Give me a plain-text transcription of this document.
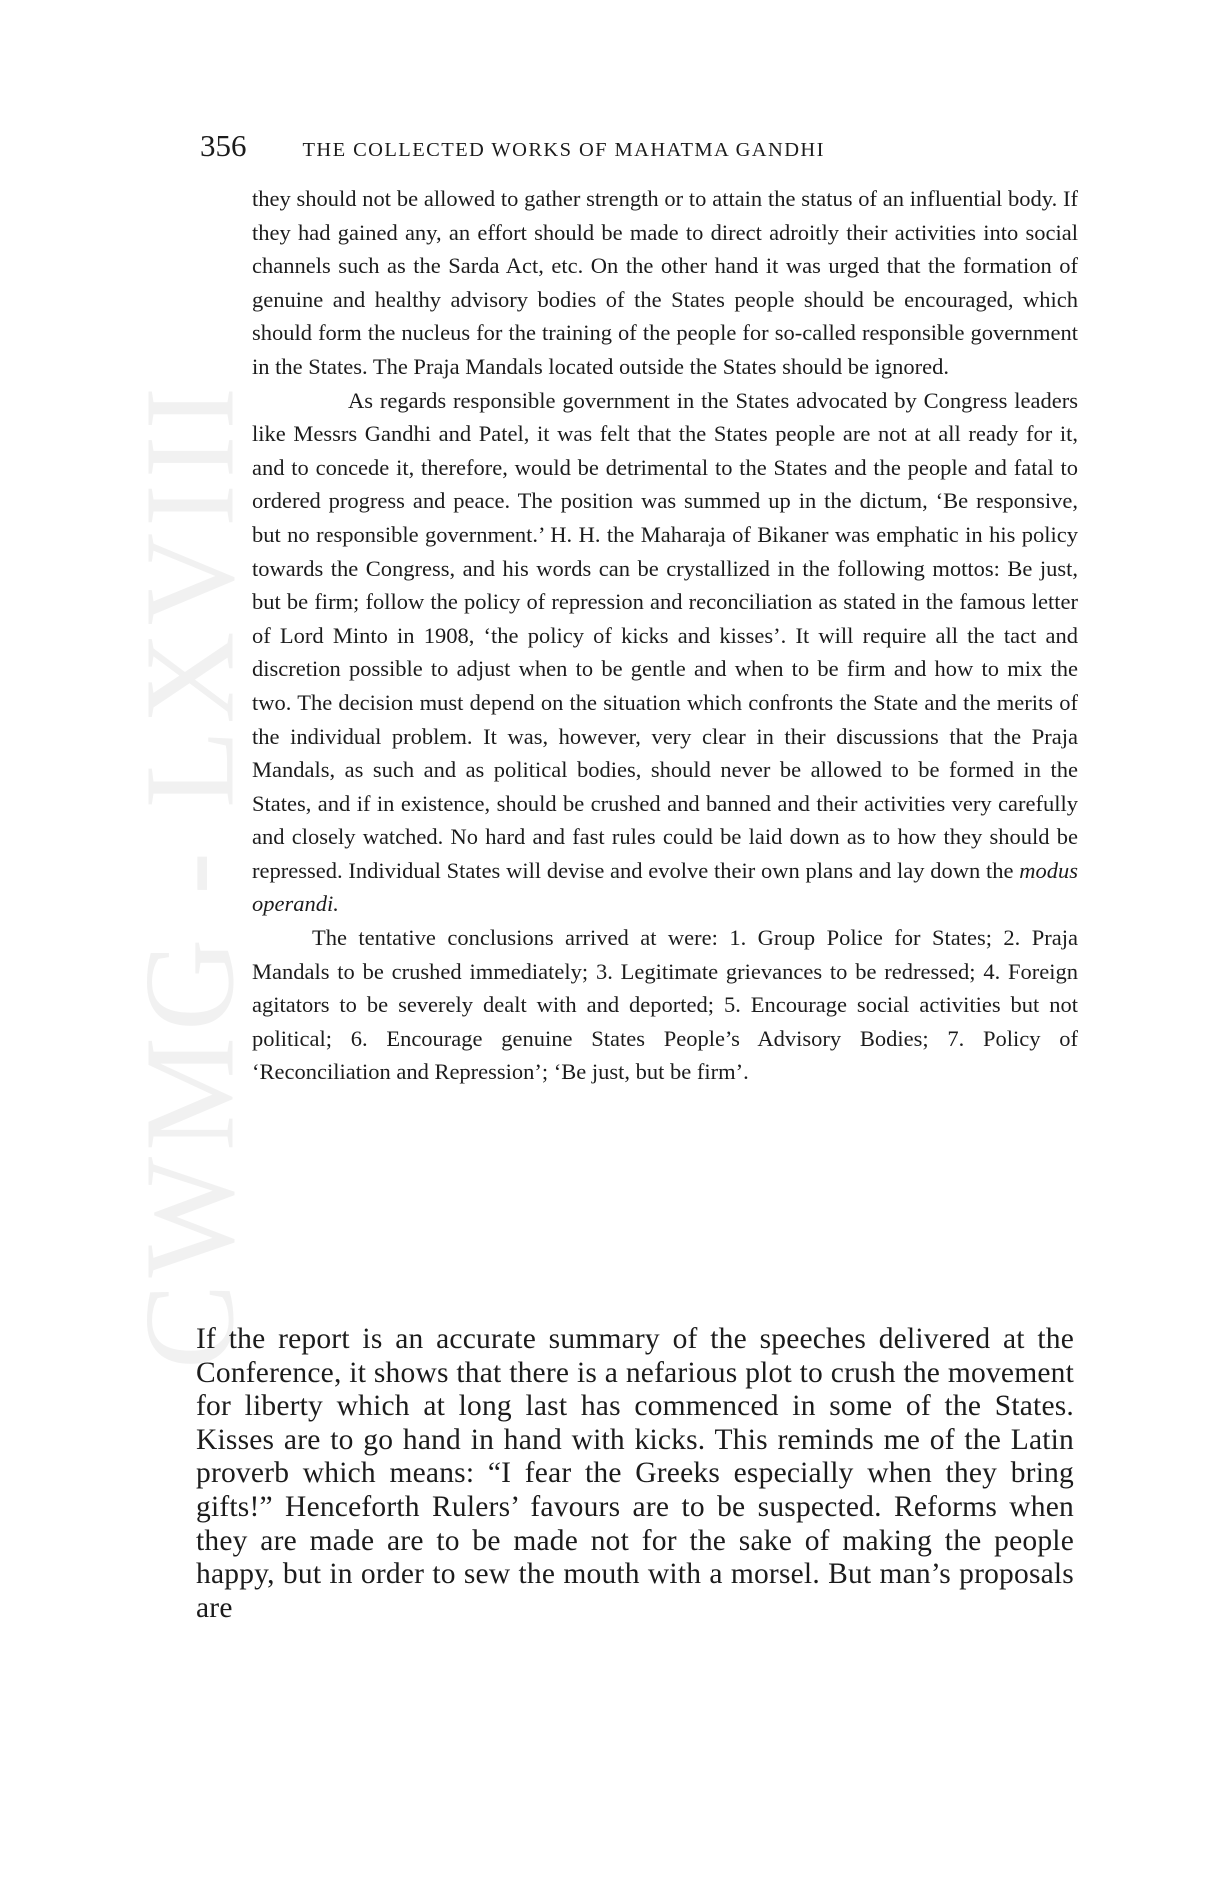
CWMG - LXVIII
356	THE COLLECTED WORKS OF MAHATMA GANDHI

they should not be allowed to gather strength or to attain the status of an influential body. If they had gained any, an effort should be made to direct adroitly their activities into social channels such as the Sarda Act, etc. On the other hand it was urged that the formation of genuine and healthy advisory bodies of the States people should be encouraged, which should form the nucleus for the training of the people for so-called responsible government in the States. The Praja Mandals located outside the States should be ignored.

As regards responsible government in the States advocated by Congress leaders like Messrs Gandhi and Patel, it was felt that the States people are not at all ready for it, and to concede it, therefore, would be detrimental to the States and the people and fatal to ordered progress and peace. The position was summed up in the dictum, ‘Be responsive, but no responsible government.’ H. H. the Maharaja of Bikaner was emphatic in his policy towards the Congress, and his words can be crystallized in the following mottos: Be just, but be firm; follow the policy of repression and reconciliation as stated in the famous letter of Lord Minto in 1908, ‘the policy of kicks and kisses’. It will require all the tact and discretion possible to adjust when to be gentle and when to be firm and how to mix the two. The decision must depend on the situation which confronts the State and the merits of the individual problem. It was, however, very clear in their discussions that the Praja Mandals, as such and as political bodies, should never be allowed to be formed in the States, and if in existence, should be crushed and banned and their activities very carefully and closely watched. No hard and fast rules could be laid down as to how they should be repressed. Individual States will devise and evolve their own plans and lay down the modus operandi.

The tentative conclusions arrived at were: 1. Group Police for States; 2. Praja Mandals to be crushed immediately; 3. Legitimate grievances to be redressed; 4. Foreign agitators to be severely dealt with and deported; 5. Encourage social activities but not political; 6. Encourage genuine States People’s Advisory Bodies; 7. Policy of ‘Reconciliation and Repression’; ‘Be just, but be firm’.

If the report is an accurate summary of the speeches delivered at the Conference, it shows that there is a nefarious plot to crush the movement for liberty which at long last has commenced in some of the States. Kisses are to go hand in hand with kicks. This reminds me of the Latin proverb which means: “I fear the Greeks especially when they bring gifts!” Henceforth Rulers’ favours are to be suspected. Reforms when they are made are to be made not for the sake of making the people happy, but in order to sew the mouth with a morsel. But man’s proposals are
